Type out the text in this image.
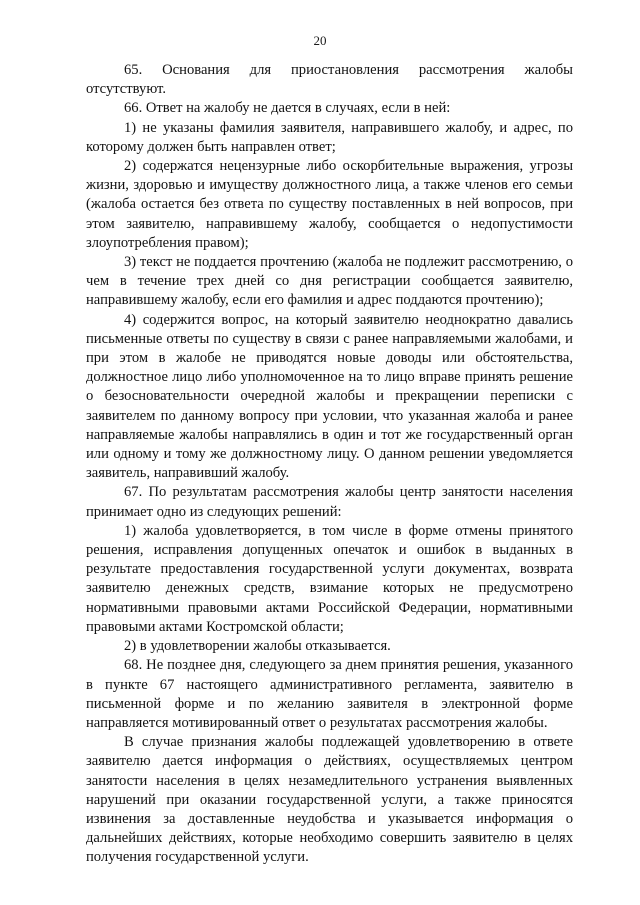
20

65. Основания для приостановления рассмотрения жалобы отсутствуют.

66. Ответ на жалобу не дается в случаях, если в ней:

1) не указаны фамилия заявителя, направившего жалобу, и адрес, по которому должен быть направлен ответ;

2) содержатся нецензурные либо оскорбительные выражения, угрозы жизни, здоровью и имуществу должностного лица, а также членов его семьи (жалоба остается без ответа по существу поставленных в ней вопросов, при этом заявителю, направившему жалобу, сообщается о недопустимости злоупотребления правом);

3) текст не поддается прочтению (жалоба не подлежит рассмотрению, о чем в течение трех дней со дня регистрации сообщается заявителю, направившему жалобу, если его фамилия и адрес поддаются прочтению);

4) содержится вопрос, на который заявителю неоднократно давались письменные ответы по существу в связи с ранее направляемыми жалобами, и при этом в жалобе не приводятся новые доводы или обстоятельства, должностное лицо либо уполномоченное на то лицо вправе принять решение о безосновательности очередной жалобы и прекращении переписки с заявителем по данному вопросу при условии, что указанная жалоба и ранее направляемые жалобы направлялись в один и тот же государственный орган или одному и тому же должностному лицу. О данном решении уведомляется заявитель, направивший жалобу.

67. По результатам рассмотрения жалобы центр занятости населения принимает одно из следующих решений:

1) жалоба удовлетворяется, в том числе в форме отмены принятого решения, исправления допущенных опечаток и ошибок в выданных в результате предоставления государственной услуги документах, возврата заявителю денежных средств, взимание которых не предусмотрено нормативными правовыми актами Российской Федерации, нормативными правовыми актами Костромской области;

2) в удовлетворении жалобы отказывается.

68. Не позднее дня, следующего за днем принятия решения, указанного в пункте 67 настоящего административного регламента, заявителю в письменной форме и по желанию заявителя в электронной форме направляется мотивированный ответ о результатах рассмотрения жалобы.

В случае признания жалобы подлежащей удовлетворению в ответе заявителю дается информация о действиях, осуществляемых центром занятости населения в целях незамедлительного устранения выявленных нарушений при оказании государственной услуги, а также приносятся извинения за доставленные неудобства и указывается информация о дальнейших действиях, которые необходимо совершить заявителю в целях получения государственной услуги.
